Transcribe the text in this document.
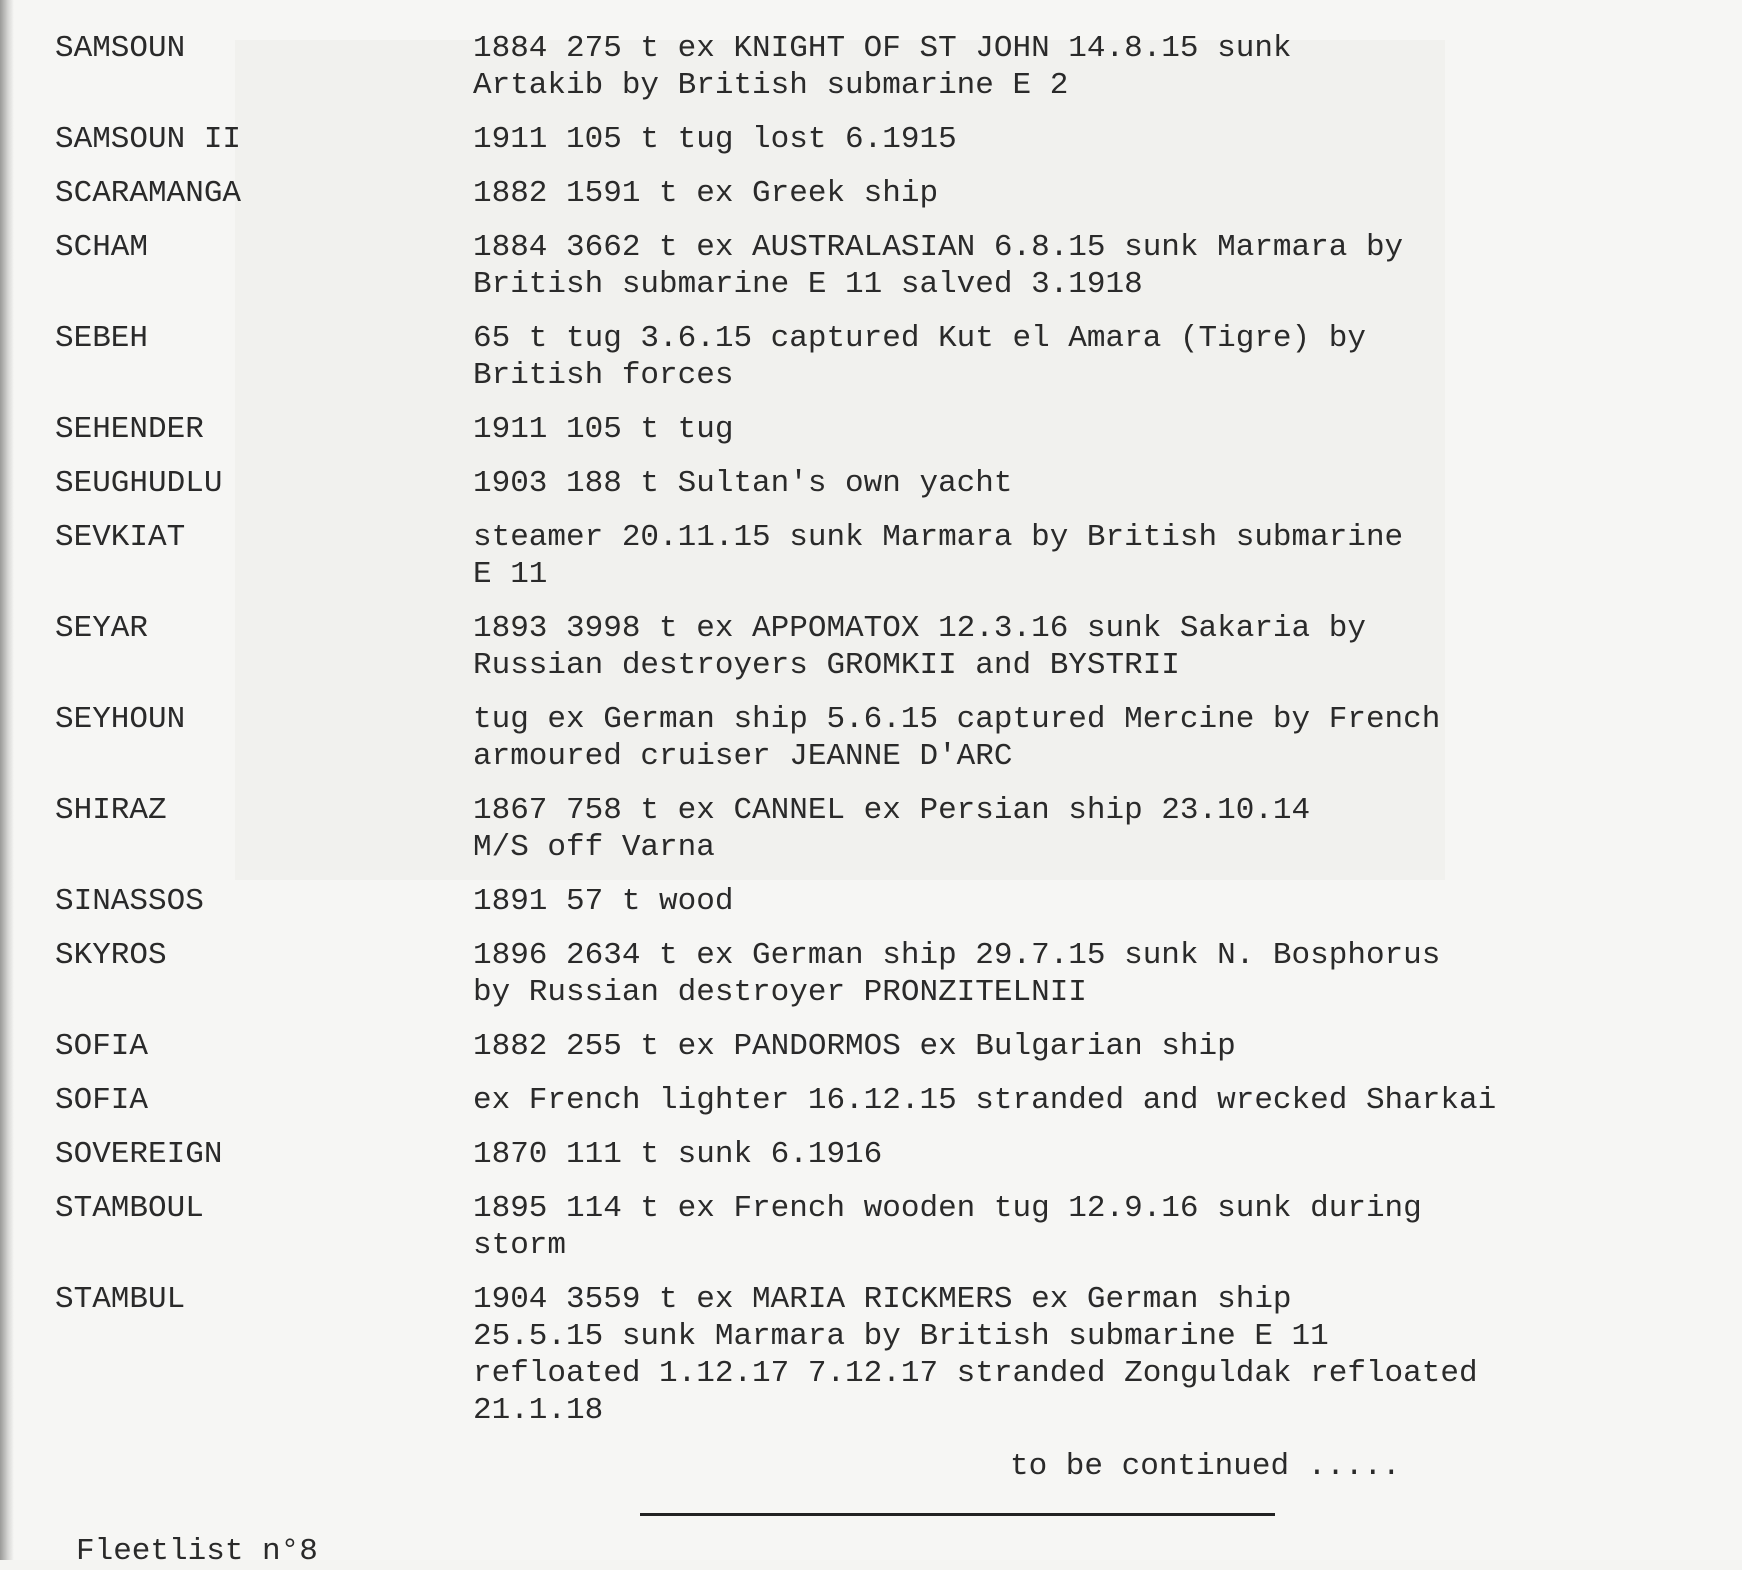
SAMSOUN	1884 275 t ex KNIGHT OF ST JOHN 14.8.15 sunk
Artakib by British submarine E 2
SAMSOUN II	1911 105 t tug lost 6.1915
SCARAMANGA	1882 1591 t ex Greek ship
SCHAM	1884 3662 t ex AUSTRALASIAN 6.8.15 sunk Marmara by
British submarine E 11 salved 3.1918
SEBEH	65 t tug 3.6.15 captured Kut el Amara (Tigre) by
British forces
SEHENDER	1911 105 t tug
SEUGHUDLU	1903 188 t Sultan's own yacht
SEVKIAT	steamer 20.11.15 sunk Marmara by British submarine
E 11
SEYAR	1893 3998 t ex APPOMATOX 12.3.16 sunk Sakaria by
Russian destroyers GROMKII and BYSTRII
SEYHOUN	tug ex German ship 5.6.15 captured Mercine by French
armoured cruiser JEANNE D'ARC
SHIRAZ	1867 758 t ex CANNEL ex Persian ship 23.10.14
M/S off Varna
SINASSOS	1891 57 t wood
SKYROS	1896 2634 t ex German ship 29.7.15 sunk N. Bosphorus
by Russian destroyer PRONZITELNII
SOFIA	1882 255 t ex PANDORMOS ex Bulgarian ship
SOFIA	ex French lighter 16.12.15 stranded and wrecked Sharkai
SOVEREIGN	1870 111 t sunk 6.1916
STAMBOUL	1895 114 t ex French wooden tug 12.9.16 sunk during
storm
STAMBUL	1904 3559 t ex MARIA RICKMERS ex German ship
25.5.15 sunk Marmara by British submarine E 11
refloated 1.12.17 7.12.17 stranded Zonguldak refloated
21.1.18
to be continued .....
Fleetlist n°8
